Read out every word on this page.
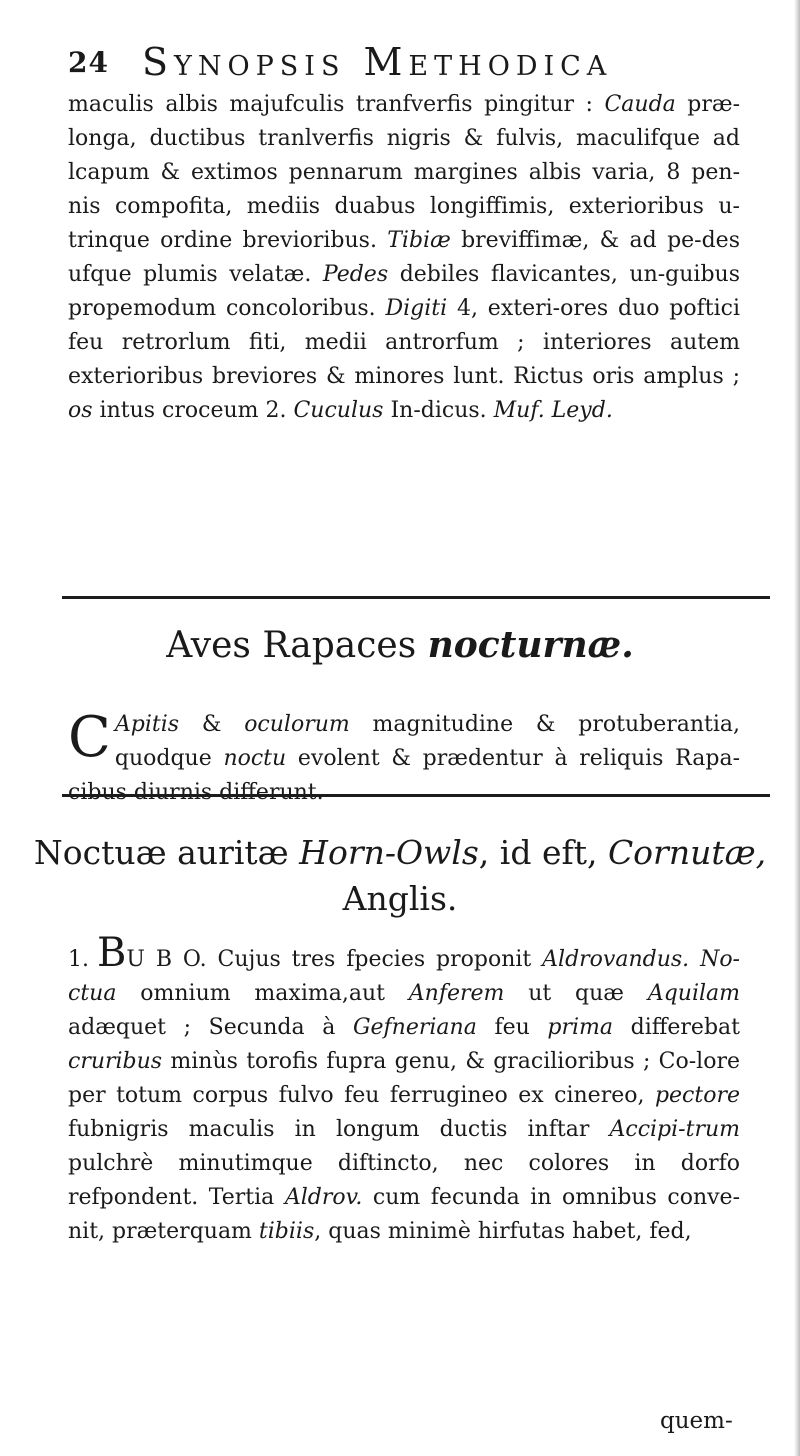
24 Synopsis Methodica
maculis albis majufculis tranfverfis pingitur : Cauda præ-longa, ductibus tranlverfis nigris & fulvis, maculifque ad lcapum & extimos pennarum margines albis varia, 8 pen-nis compofita, mediis duabus longiffimis, exterioribus u-trinque ordine brevioribus. Tibiæ breviffimæ, & ad pe-des ufque plumis velatæ. Pedes debiles flavicantes, un-guibus propemodum concoloribus. Digiti 4, exteri-ores duo poftici feu retrorlum fiti, medii antrorfum ; interiores autem exterioribus breviores & minores lunt. Rictus oris amplus ; os intus croceum 2. Cuculus In-dicus. Muf. Leyd.
Aves Rapaces nocturnæ.
C Apitis & oculorum magnitudine & protuberantia, quodque noctu evolent & prædentur à reliquis Rapa-cibus diurnis differunt.
Noctuæ auritæ Horn-Owls, id eft, Cornutæ,
Anglis.
1. BU B O. Cujus tres fpecies proponit Aldrovandus. No-ctua omnium maxima,aut Anferem ut quæ Aquilam adæquet ; Secunda à Gefneriana feu prima differebat cruribus minùs torofis fupra genu, & gracilioribus ; Co-lore per totum corpus fulvo feu ferrugineo ex cinereo, pectore fubnigris maculis in longum ductis inftar Accipi-trum pulchrè minutimque diftincto, nec colores in dorfo refpondent. Tertia Aldrov. cum fecunda in omnibus conve-nit, præterquam tibiis, quas minimè hirfutas habet, fed,
quem-
